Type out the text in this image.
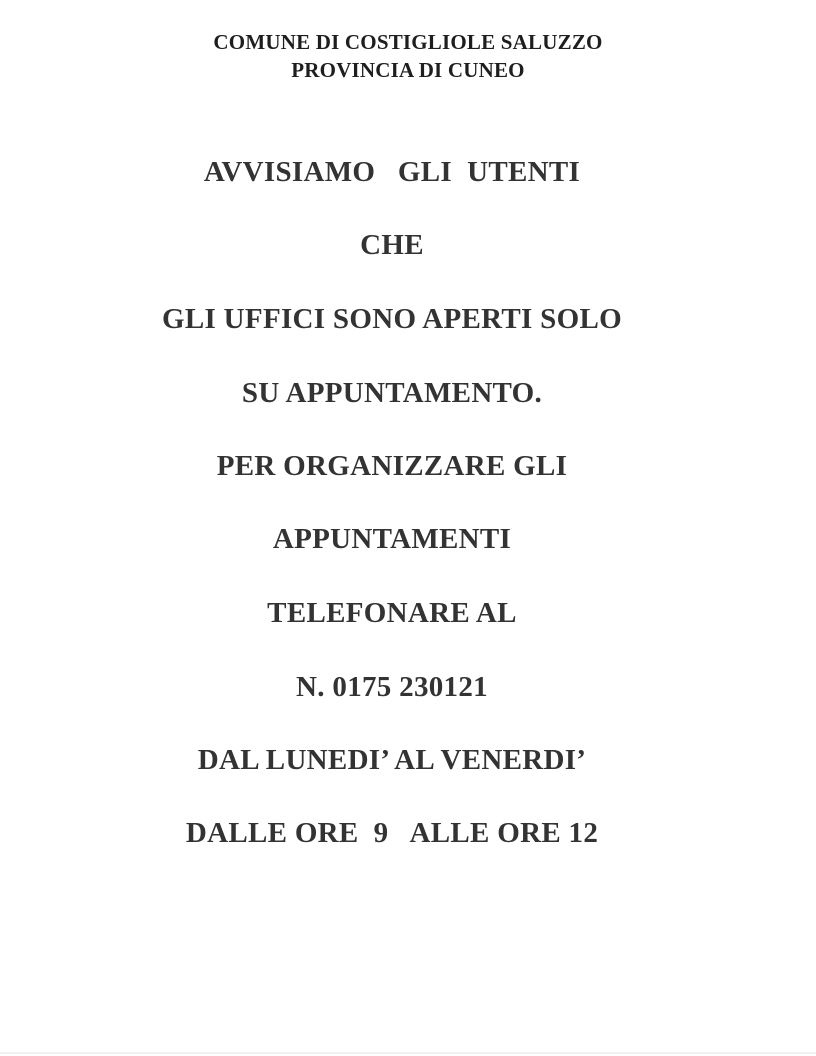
COMUNE DI COSTIGLIOLE SALUZZO
PROVINCIA DI CUNEO
AVVISIAMO   GLI  UTENTI
CHE
GLI UFFICI SONO APERTI SOLO
SU APPUNTAMENTO.
PER ORGANIZZARE GLI
APPUNTAMENTI
TELEFONARE AL
N. 0175 230121
DAL LUNEDI’ AL VENERDI’
DALLE ORE  9   ALLE ORE 12
